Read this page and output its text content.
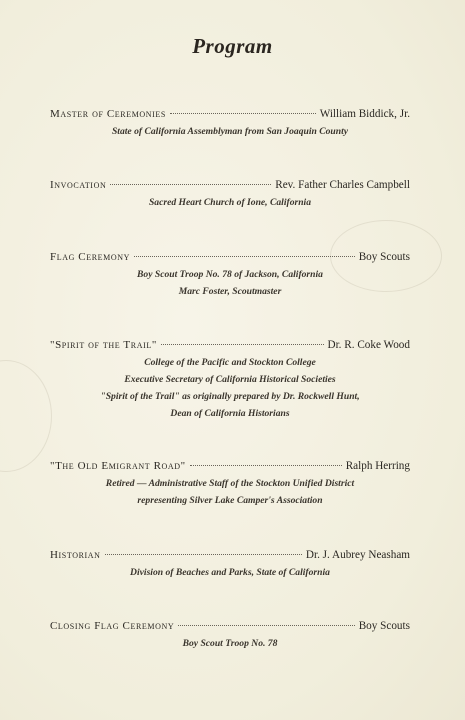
Program
Master of Ceremonies	William Biddick, Jr.
State of California Assemblyman from San Joaquin County
Invocation	Rev. Father Charles Campbell
Sacred Heart Church of Ione, California
Flag Ceremony	Boy Scouts
Boy Scout Troop No. 78 of Jackson, California
Marc Foster, Scoutmaster
"Spirit of the Trail"	Dr. R. Coke Wood
College of the Pacific and Stockton College
Executive Secretary of California Historical Societies
"Spirit of the Trail" as originally prepared by Dr. Rockwell Hunt,
Dean of California Historians
"The Old Emigrant Road"	Ralph Herring
Retired — Administrative Staff of the Stockton Unified District
representing Silver Lake Camper's Association
Historian	Dr. J. Aubrey Neasham
Division of Beaches and Parks, State of California
Closing Flag Ceremony	Boy Scouts
Boy Scout Troop No. 78
